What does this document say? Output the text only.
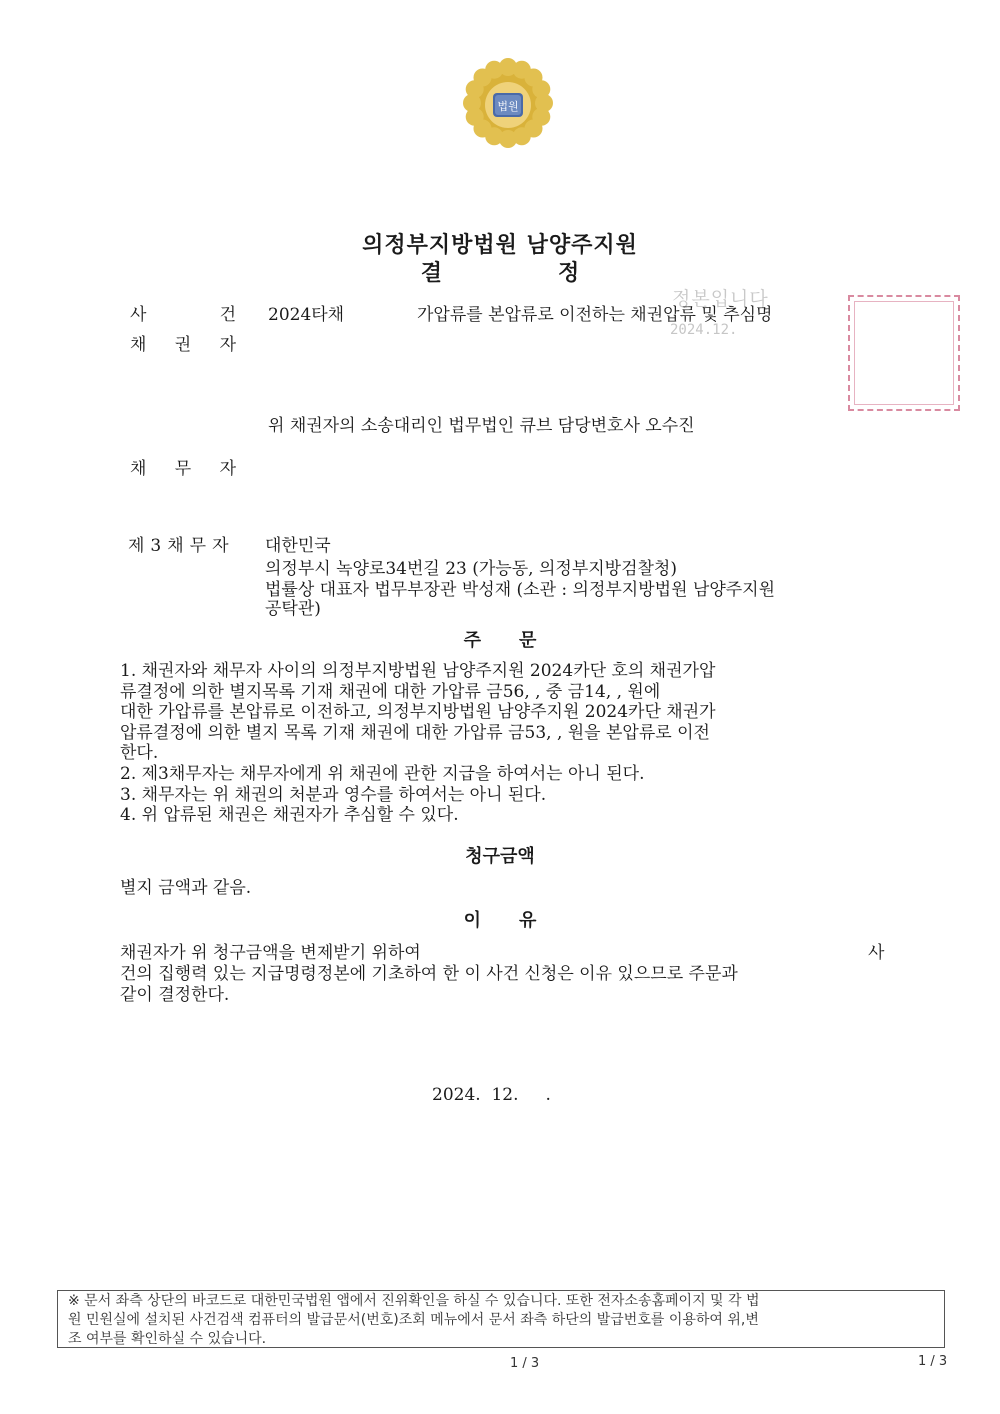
법원
의정부지방법원 남양주지원
결	정
정본입니다
2024.12.
사	건 2024타채	가압류를 본압류로 이전하는 채권압류 및 추심명
채 권 자
위 채권자의 소송대리인 법무법인 큐브 담당변호사 오수진
채 무 자
제3채무자 대한민국
의정부시 녹양로34번길 23 (가능동, 의정부지방검찰청)
법률상 대표자 법무부장관 박성재 (소관 : 의정부지방법원 남양주지원
공탁관)
주 문
1. 채권자와 채무자 사이의 의정부지방법원 남양주지원 2024카단 호의 채권가압
류결정에 의한 별지목록 기재 채권에 대한 가압류 금56, , 중 금14, , 원에
대한 가압류를 본압류로 이전하고, 의정부지방법원 남양주지원 2024카단 채권가
압류결정에 의한 별지 목록 기재 채권에 대한 가압류 금53, , 원을 본압류로 이전
한다.
2. 제3채무자는 채무자에게 위 채권에 관한 지급을 하여서는 아니 된다.
3. 채무자는 위 채권의 처분과 영수를 하여서는 아니 된다.
4. 위 압류된 채권은 채권자가 추심할 수 있다.
청구금액
별지 금액과 같음.
이 유
채권자가 위 청구금액을 변제받기 위하여	사
건의 집행력 있는 지급명령정본에 기초하여 한 이 사건 신청은 이유 있으므로 주문과
같이 결정한다.
2024.  12.     .
※ 문서 좌측 상단의 바코드로 대한민국법원 앱에서 진위확인을 하실 수 있습니다. 또한 전자소송홈페이지 및 각 법
원 민원실에 설치된 사건검색 컴퓨터의 발급문서(번호)조회 메뉴에서 문서 좌측 하단의 발급번호를 이용하여 위,변
조 여부를 확인하실 수 있습니다.
1 / 3	1 / 3
